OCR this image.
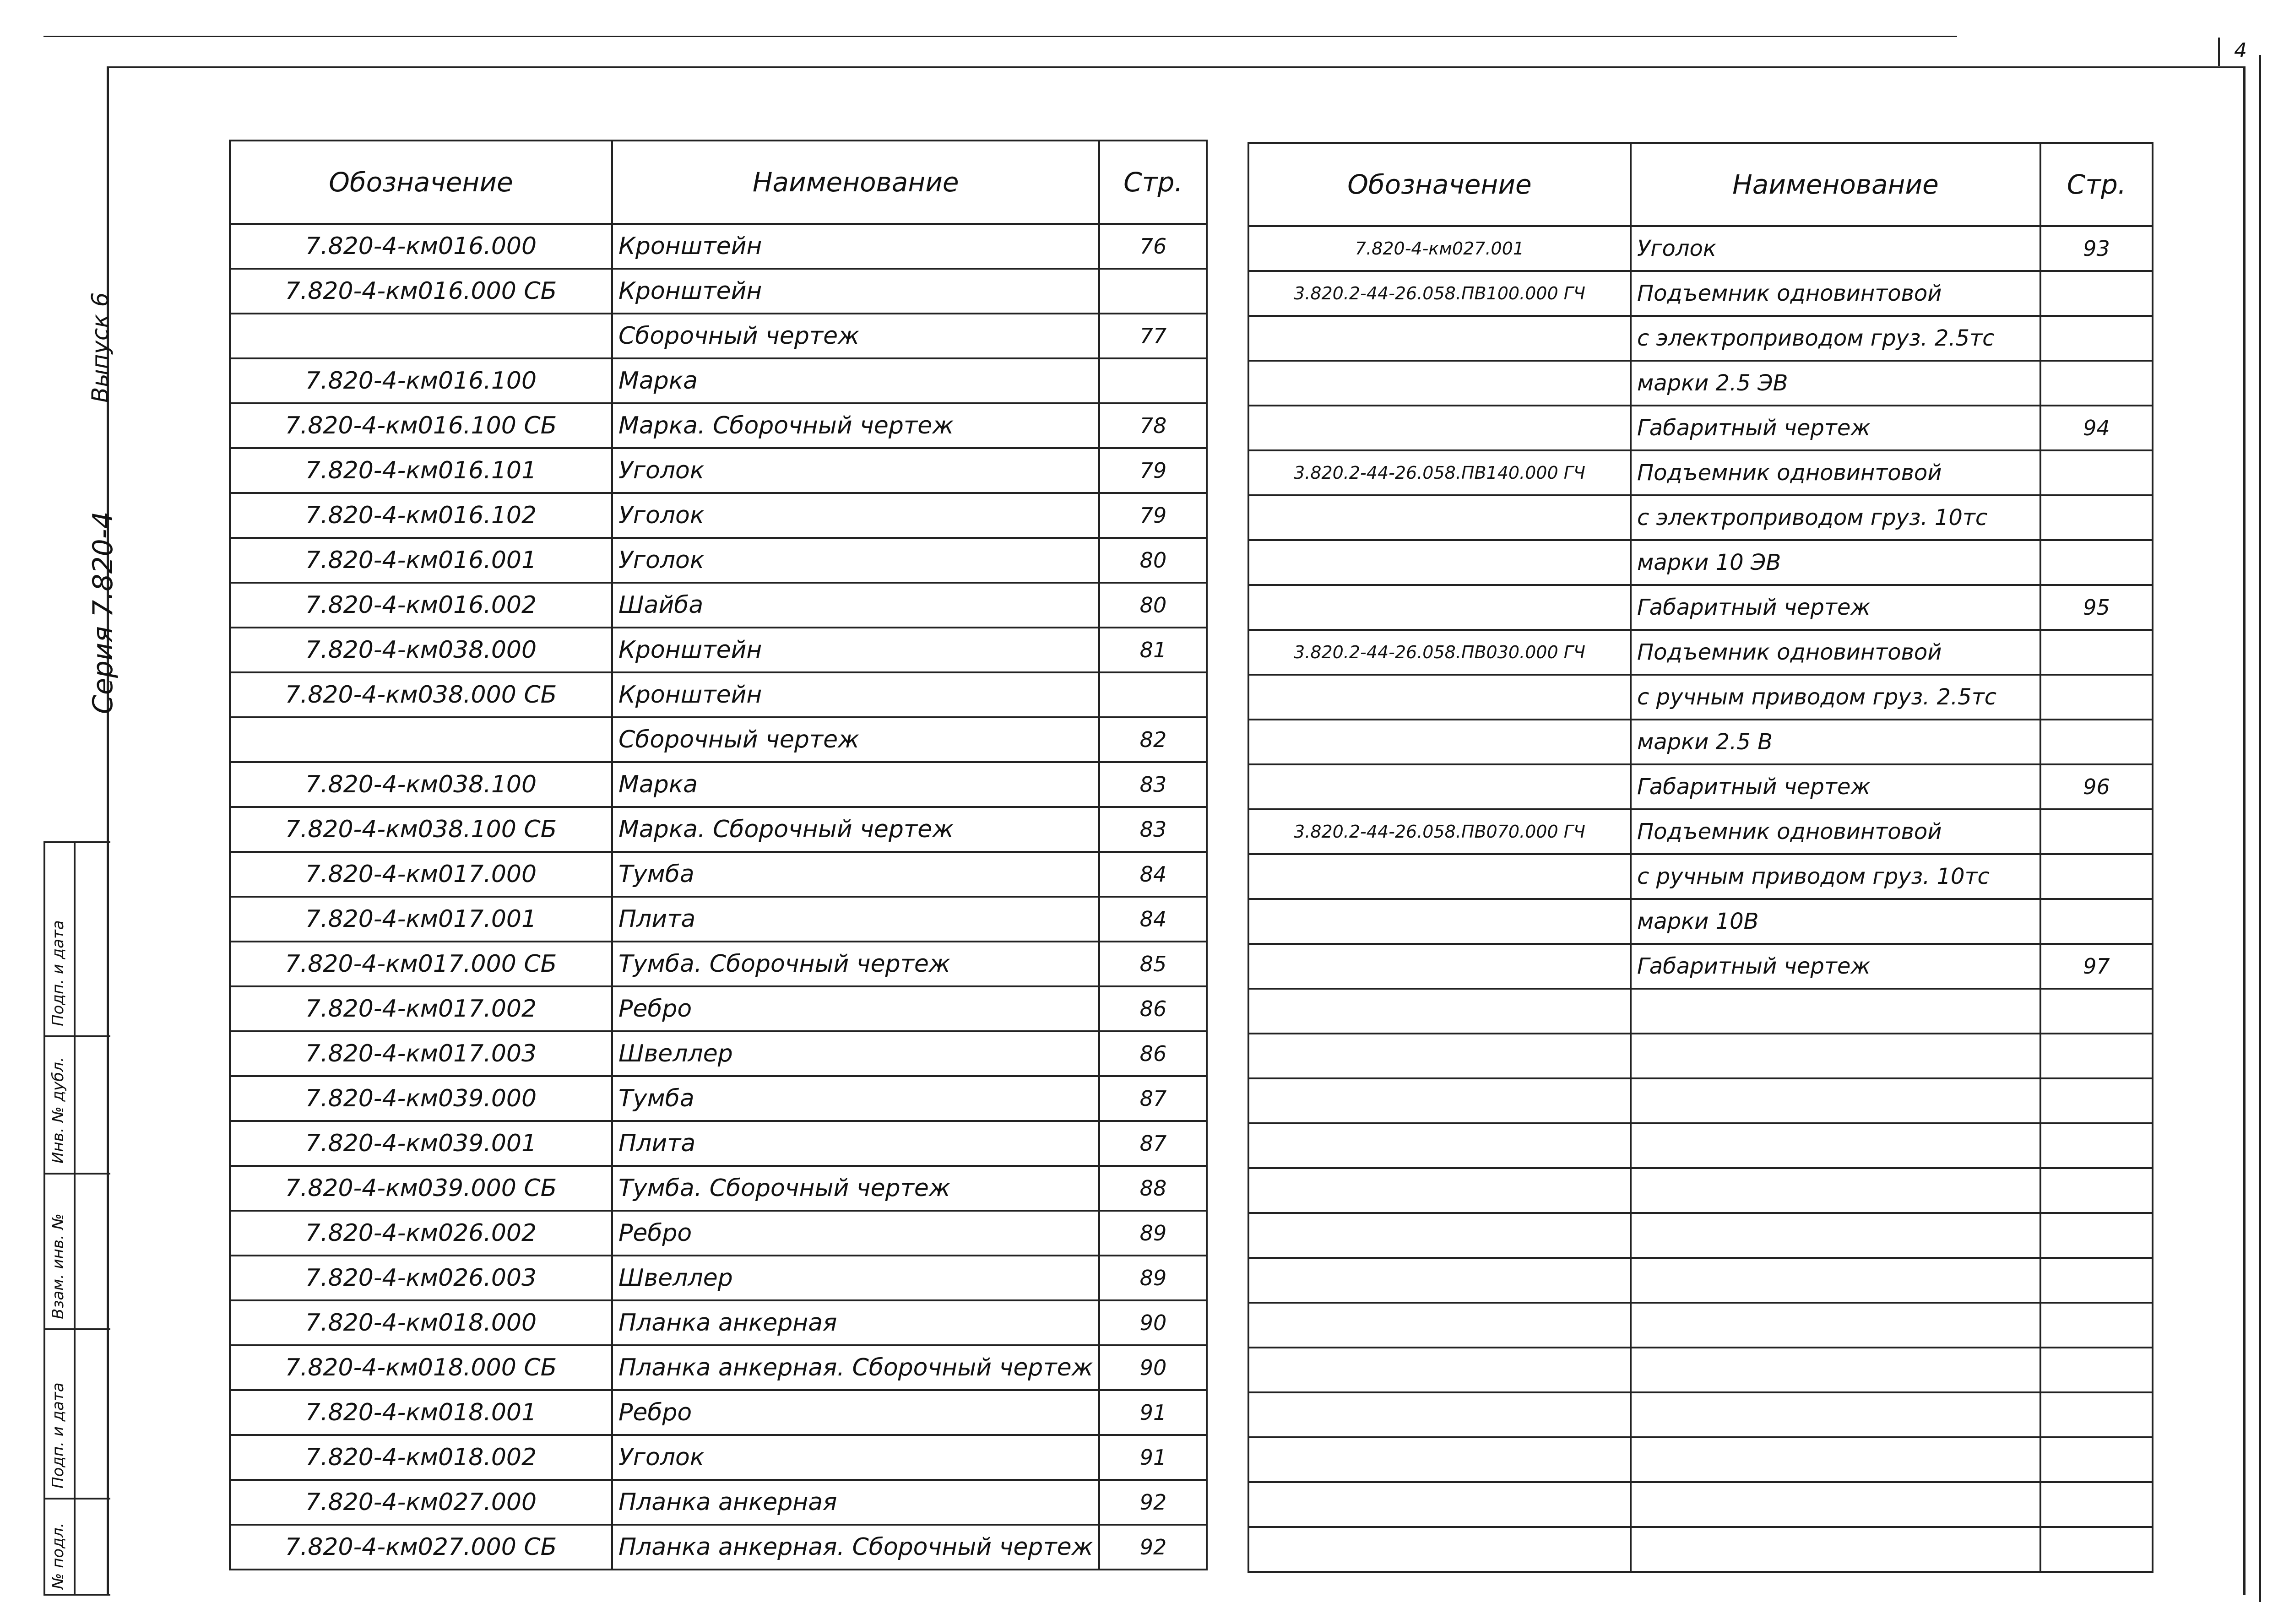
4
Серия 7.820-4
Выпуск 6
Подп. и дата
Инв. № дубл.
Взам. инв. №
Подп. и дата
№ подл.
Обозначение	Наименование	Стр.
7.820-4-км016.000	Кронштейн	76
7.820-4-км016.000 СБ	Кронштейн	
	Сборочный чертеж	77
7.820-4-км016.100	Марка	
7.820-4-км016.100 СБ	Марка. Сборочный чертеж	78
7.820-4-км016.101	Уголок	79
7.820-4-км016.102	Уголок	79
7.820-4-км016.001	Уголок	80
7.820-4-км016.002	Шайба	80
7.820-4-км038.000	Кронштейн	81
7.820-4-км038.000 СБ	Кронштейн	
	Сборочный чертеж	82
7.820-4-км038.100	Марка	83
7.820-4-км038.100 СБ	Марка. Сборочный чертеж	83
7.820-4-км017.000	Тумба	84
7.820-4-км017.001	Плита	84
7.820-4-км017.000 СБ	Тумба. Сборочный чертеж	85
7.820-4-км017.002	Ребро	86
7.820-4-км017.003	Швеллер	86
7.820-4-км039.000	Тумба	87
7.820-4-км039.001	Плита	87
7.820-4-км039.000 СБ	Тумба. Сборочный чертеж	88
7.820-4-км026.002	Ребро	89
7.820-4-км026.003	Швеллер	89
7.820-4-км018.000	Планка анкерная	90
7.820-4-км018.000 СБ	Планка анкерная. Сборочный чертеж	90
7.820-4-км018.001	Ребро	91
7.820-4-км018.002	Уголок	91
7.820-4-км027.000	Планка анкерная	92
7.820-4-км027.000 СБ	Планка анкерная. Сборочный чертеж	92
Обозначение	Наименование	Стр.
7.820-4-км027.001	Уголок	93
3.820.2-44-26.058.ПВ100.000 ГЧ	Подъемник одновинтовой	
	с электроприводом груз. 2.5тс	
	марки 2.5 ЭВ	
	Габаритный чертеж	94
3.820.2-44-26.058.ПВ140.000 ГЧ	Подъемник одновинтовой	
	с электроприводом груз. 10тс	
	марки 10 ЭВ	
	Габаритный чертеж	95
3.820.2-44-26.058.ПВ030.000 ГЧ	Подъемник одновинтовой	
	с ручным приводом груз. 2.5тс	
	марки 2.5 В	
	Габаритный чертеж	96
3.820.2-44-26.058.ПВ070.000 ГЧ	Подъемник одновинтовой	
	с ручным приводом груз. 10тс	
	марки 10В	
	Габаритный чертеж	97
